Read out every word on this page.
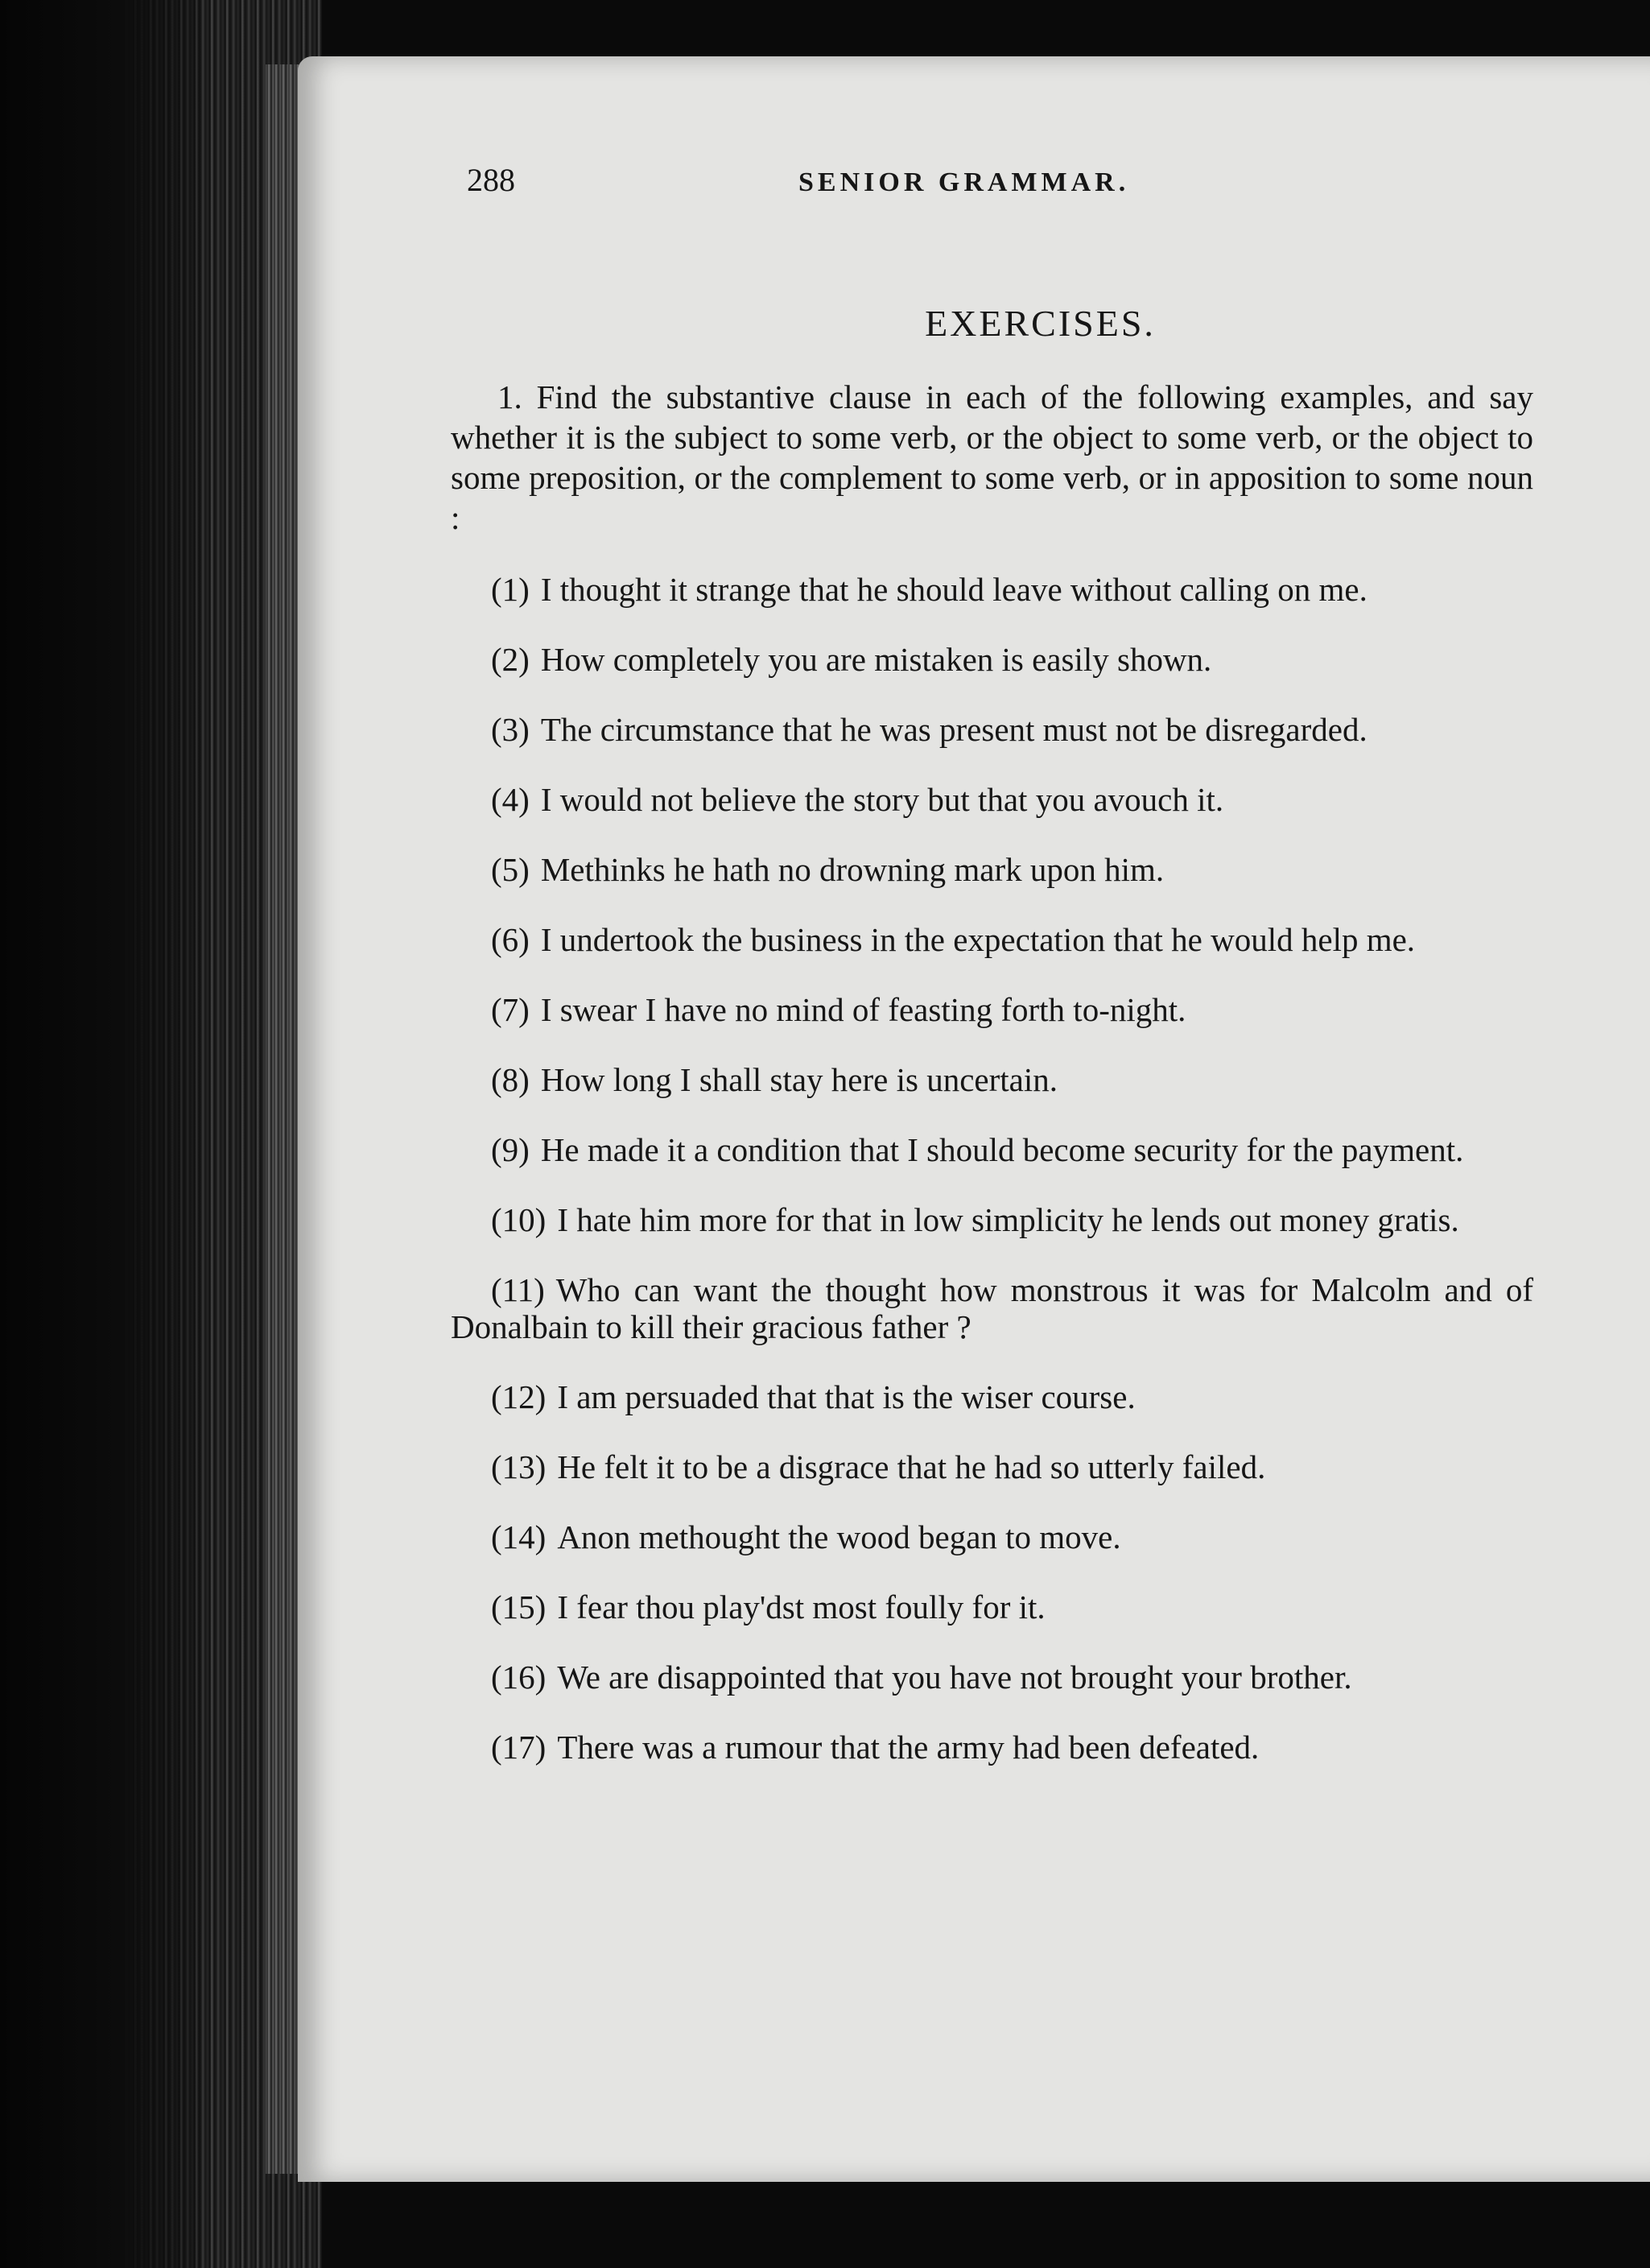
288	SENIOR GRAMMAR.
EXERCISES.

1. Find the substantive clause in each of the following examples, and say whether it is the subject to some verb, or the object to some verb, or the object to some preposition, or the complement to some verb, or in apposition to some noun :

(1) I thought it strange that he should leave without calling on me.

(2) How completely you are mistaken is easily shown.

(3) The circumstance that he was present must not be disregarded.

(4) I would not believe the story but that you avouch it.

(5) Methinks he hath no drowning mark upon him.

(6) I undertook the business in the expectation that he would help me.

(7) I swear I have no mind of feasting forth to-night.

(8) How long I shall stay here is uncertain.

(9) He made it a condition that I should become security for the payment.

(10) I hate him more for that in low simplicity he lends out money gratis.

(11) Who can want the thought how monstrous it was for Malcolm and of Donalbain to kill their gracious father ?

(12) I am persuaded that that is the wiser course.

(13) He felt it to be a disgrace that he had so utterly failed.

(14) Anon methought the wood began to move.

(15) I fear thou play'dst most foully for it.

(16) We are disappointed that you have not brought your brother.

(17) There was a rumour that the army had been defeated.
